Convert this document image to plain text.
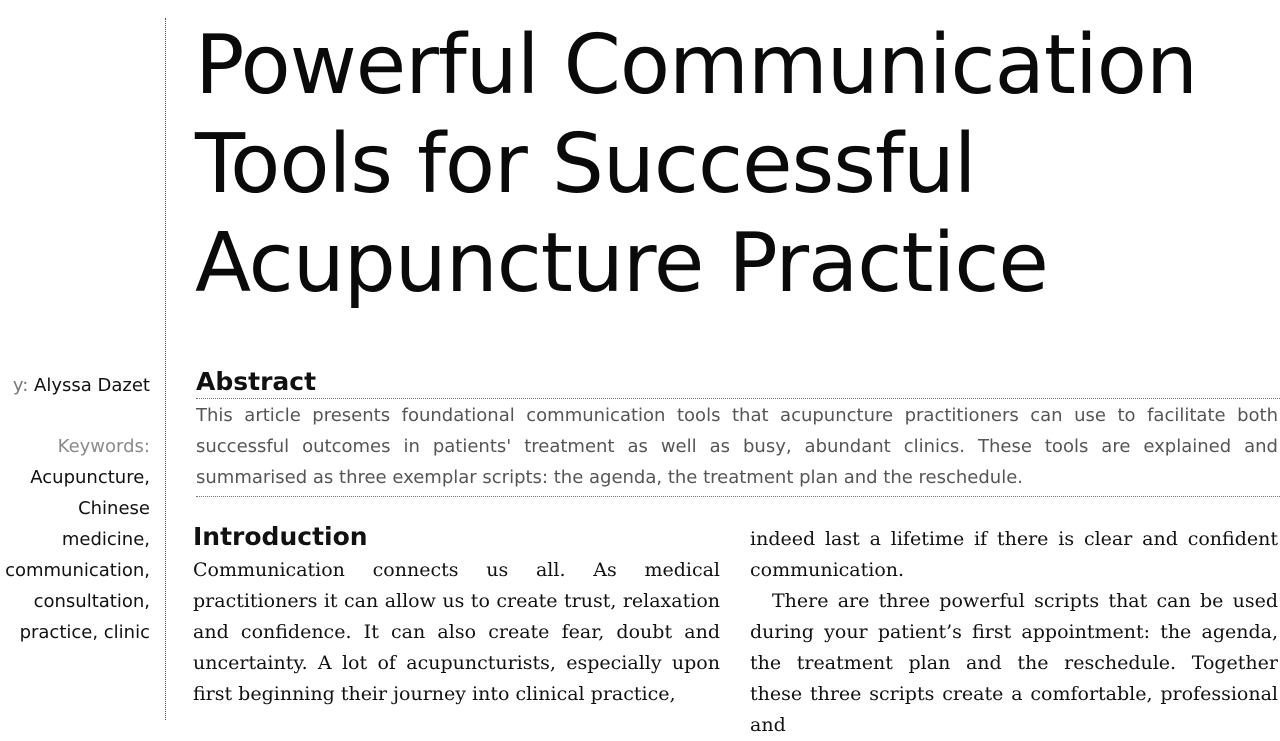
Powerful Communication
Tools for Successful
Acupuncture Practice
y: Alyssa Dazet
Keywords:
Acupuncture,
Chinese
medicine,
communication,
consultation,
practice, clinic
Abstract

This article presents foundational communication tools that acupuncture practitioners can use to facilitate both successful outcomes in patients' treatment as well as busy, abundant clinics. These tools are explained and summarised as three exemplar scripts: the agenda, the treatment plan and the reschedule.

Introduction

Communication connects us all. As medical practitioners it can allow us to create trust, relaxation and confidence. It can also create fear, doubt and uncertainty. A lot of acupuncturists, especially upon first beginning their journey into clinical practice,

indeed last a lifetime if there is clear and confident communication.

There are three powerful scripts that can be used during your patient’s first appointment: the agenda, the treatment plan and the reschedule. Together these three scripts create a comfortable, professional and
